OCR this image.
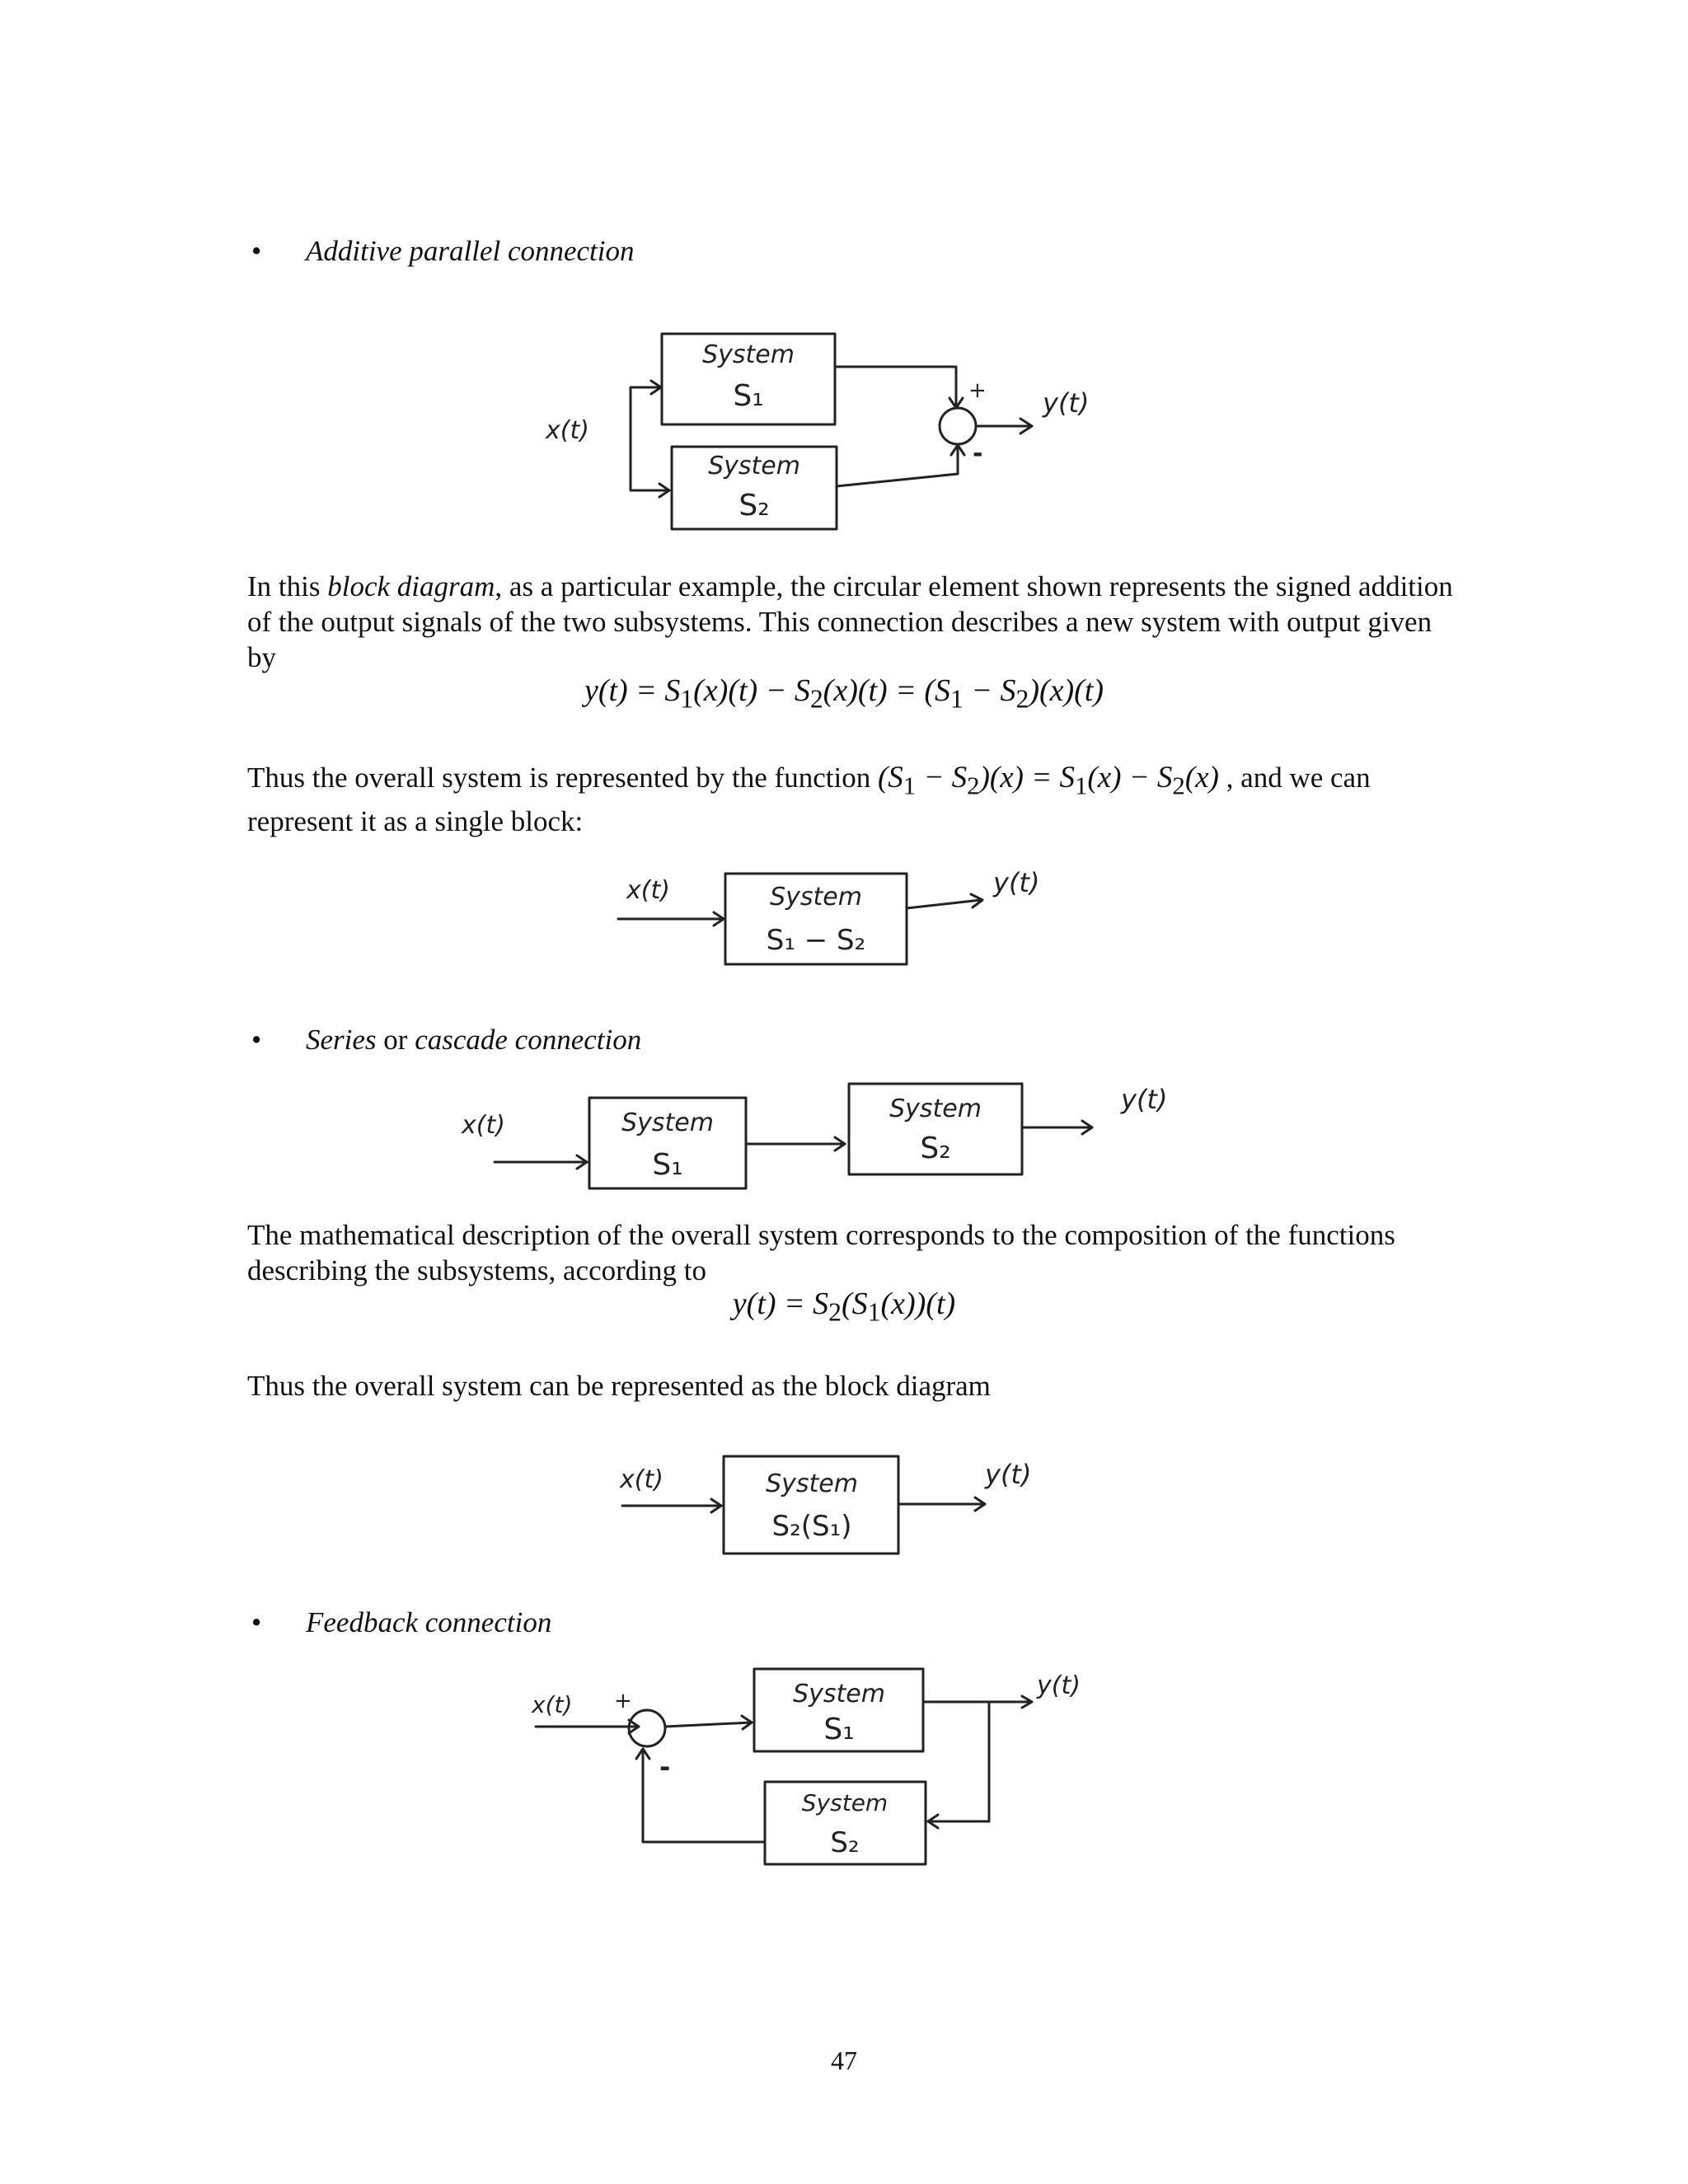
• Additive parallel connection
System
S₁
System
S₂
x(t)
+
-
y(t)
In this block diagram, as a particular example, the circular element shown represents the signed addition of the output signals of the two subsystems. This connection describes a new system with output given by
$y(t) = S_1(x)(t) - S_2(x)(t) = (S_1 - S_2)(x)(t)$
Thus the overall system is represented by the function $(S_1 - S_2)(x) = S_1(x) - S_2(x)$ , and we can represent it as a single block:
x(t)	System
S₁ − S₂
y(t)
• Series or cascade connection
x(t)	System
S₁
System
S₂
y(t)
The mathematical description of the overall system corresponds to the composition of the functions describing the subsystems, according to
$y(t) = S_2(S_1(x))(t)$
Thus the overall system can be represented as the block diagram
x(t)	System
S₂(S₁)
y(t)
• Feedback connection
x(t) +
-
System
S₁
System
S₂
y(t)
47
